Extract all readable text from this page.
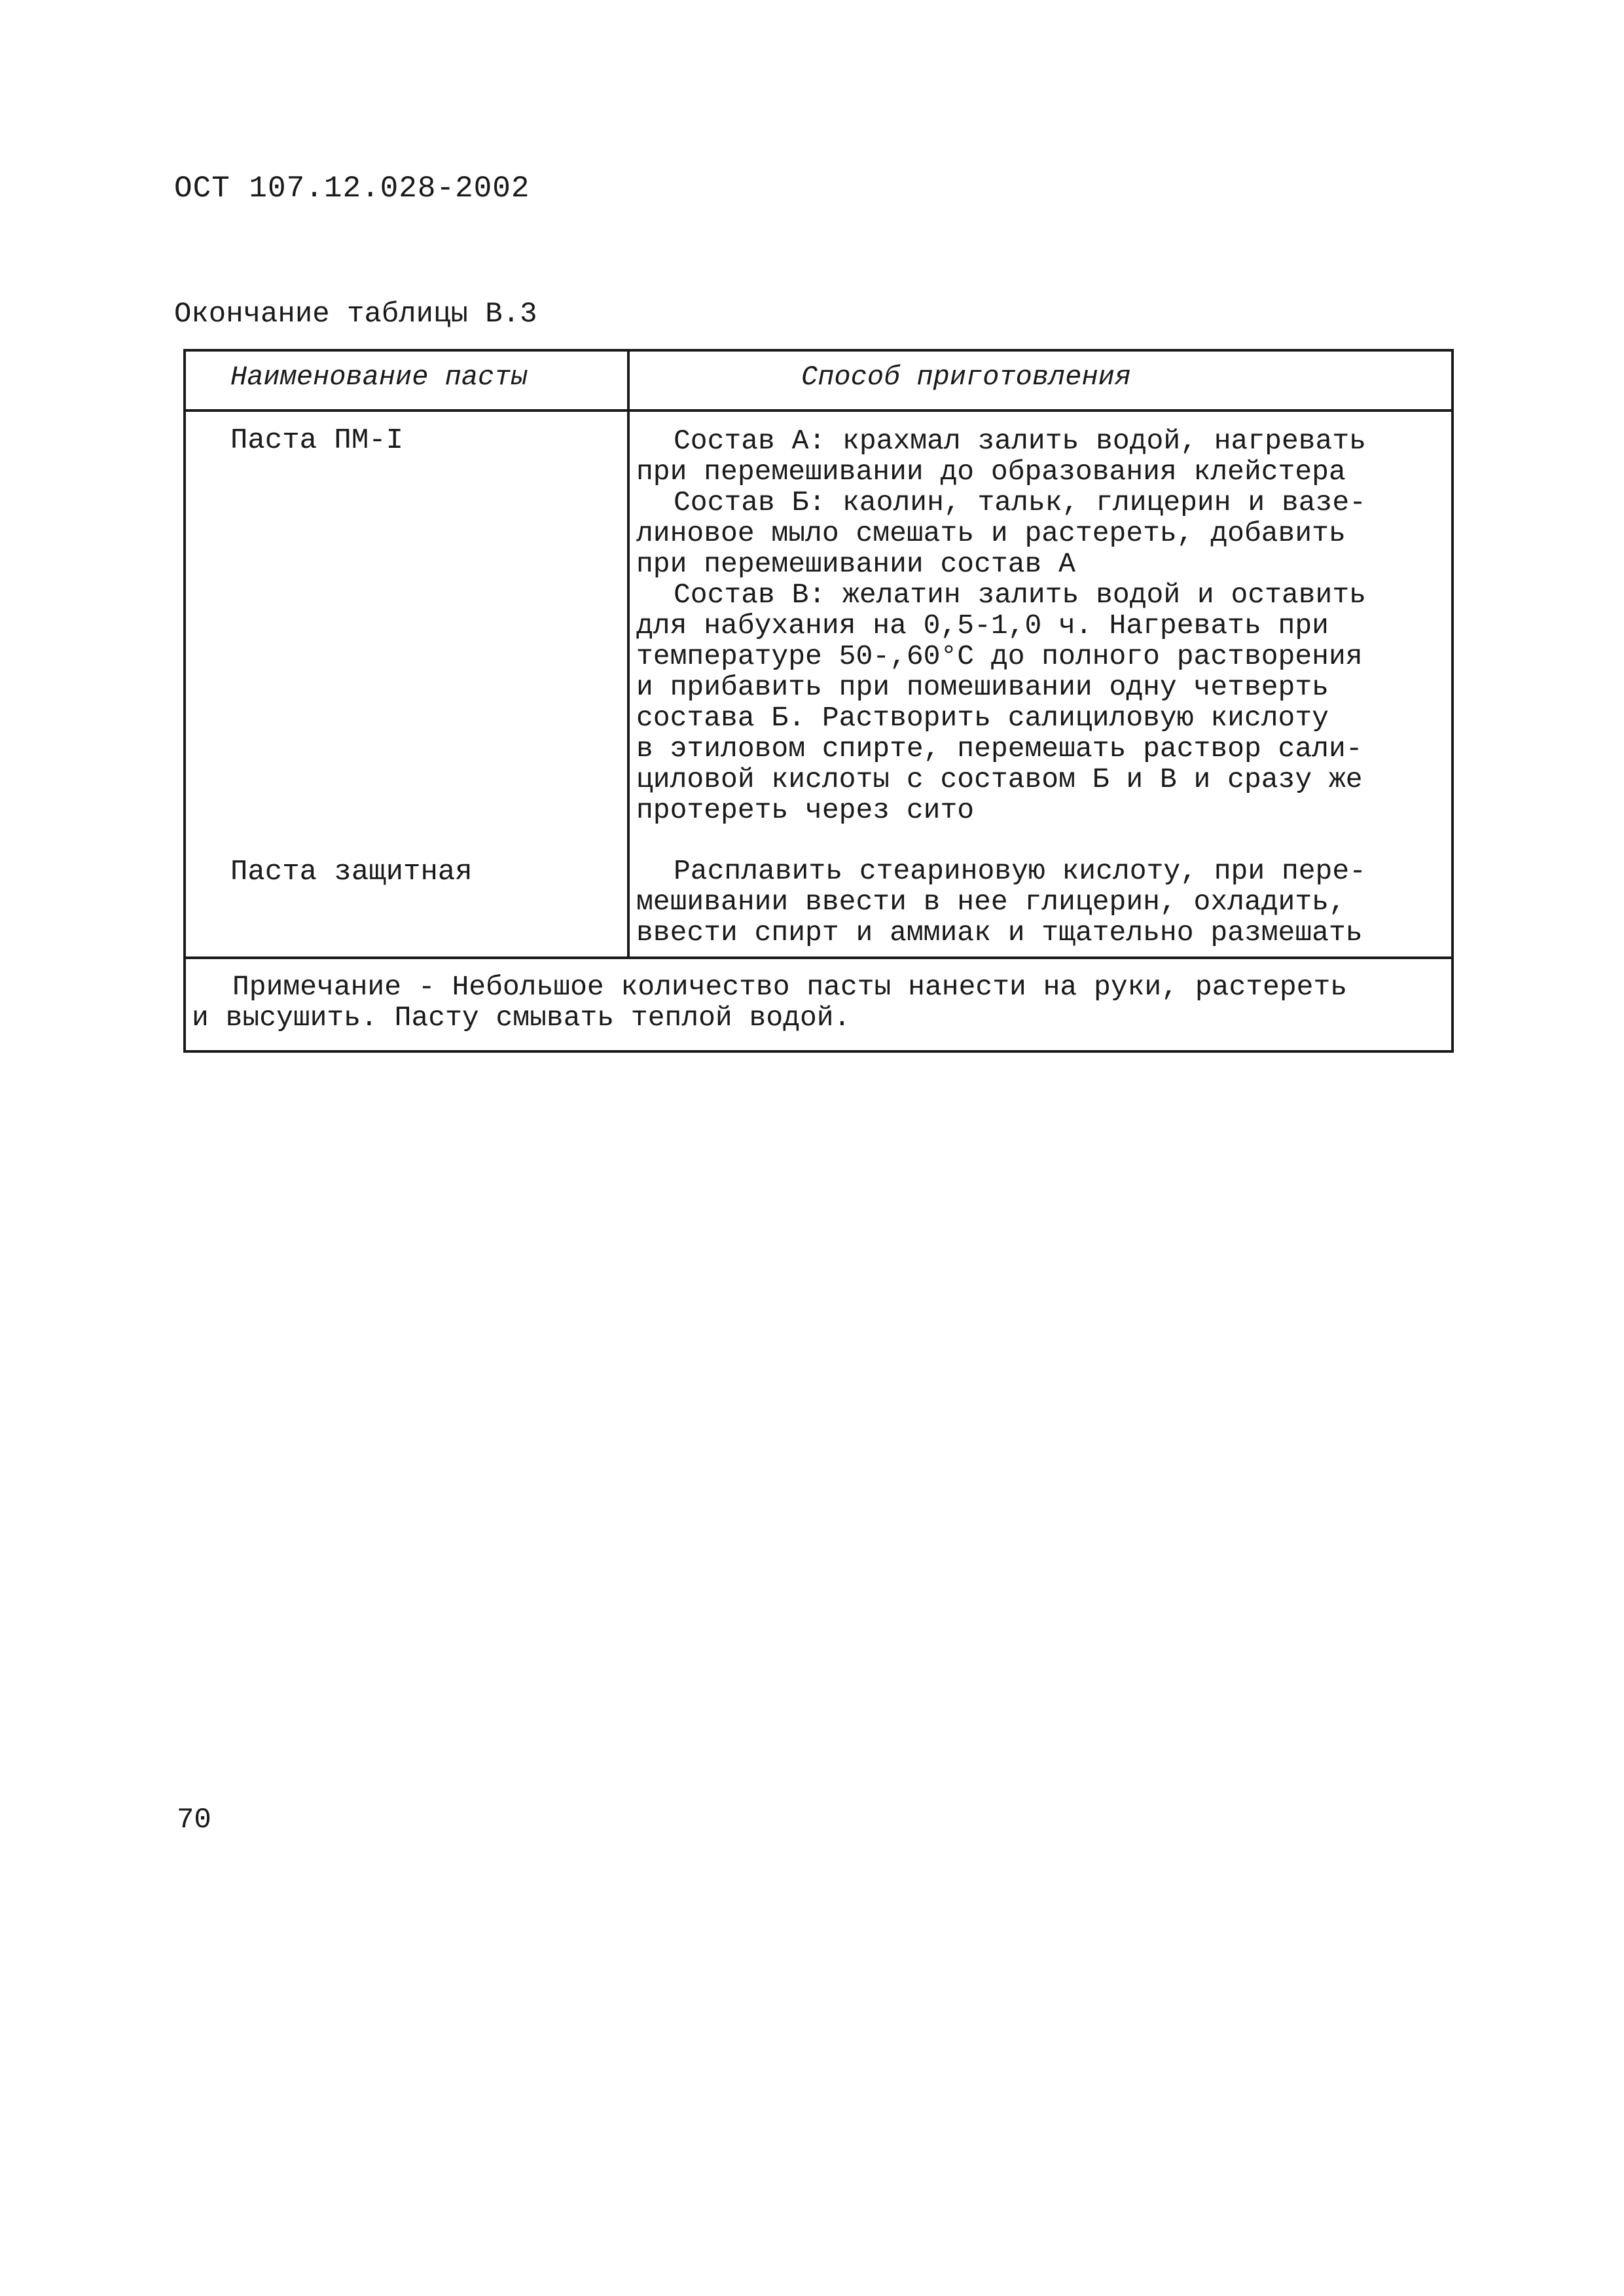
ОСТ 107.12.028-2002
Окончание таблицы В.3
Наименование пасты	Способ приготовления
Паста ПМ-I	Состав А: крахмал залить водой, нагревать
при перемешивании до образования клейстера
Состав Б: каолин, тальк, глицерин и вазе-
линовое мыло смешать и растереть, добавить
при перемешивании состав А
Состав В: желатин залить водой и оставить
для набухания на 0,5-1,0 ч. Нагревать при
температуре 50-,60°С до полного растворения
и прибавить при помешивании одну четверть
состава Б. Растворить салициловую кислоту
в этиловом спирте, перемешать раствор сали-
циловой кислоты с составом Б и В и сразу же
протереть через сито
Паста защитная	Расплавить стеариновую кислоту, при пере-
мешивании ввести в нее глицерин, охладить,
ввести спирт и аммиак и тщательно размешать
Примечание - Небольшое количество пасты нанести на руки, растереть
и высушить. Пасту смывать теплой водой.
70
